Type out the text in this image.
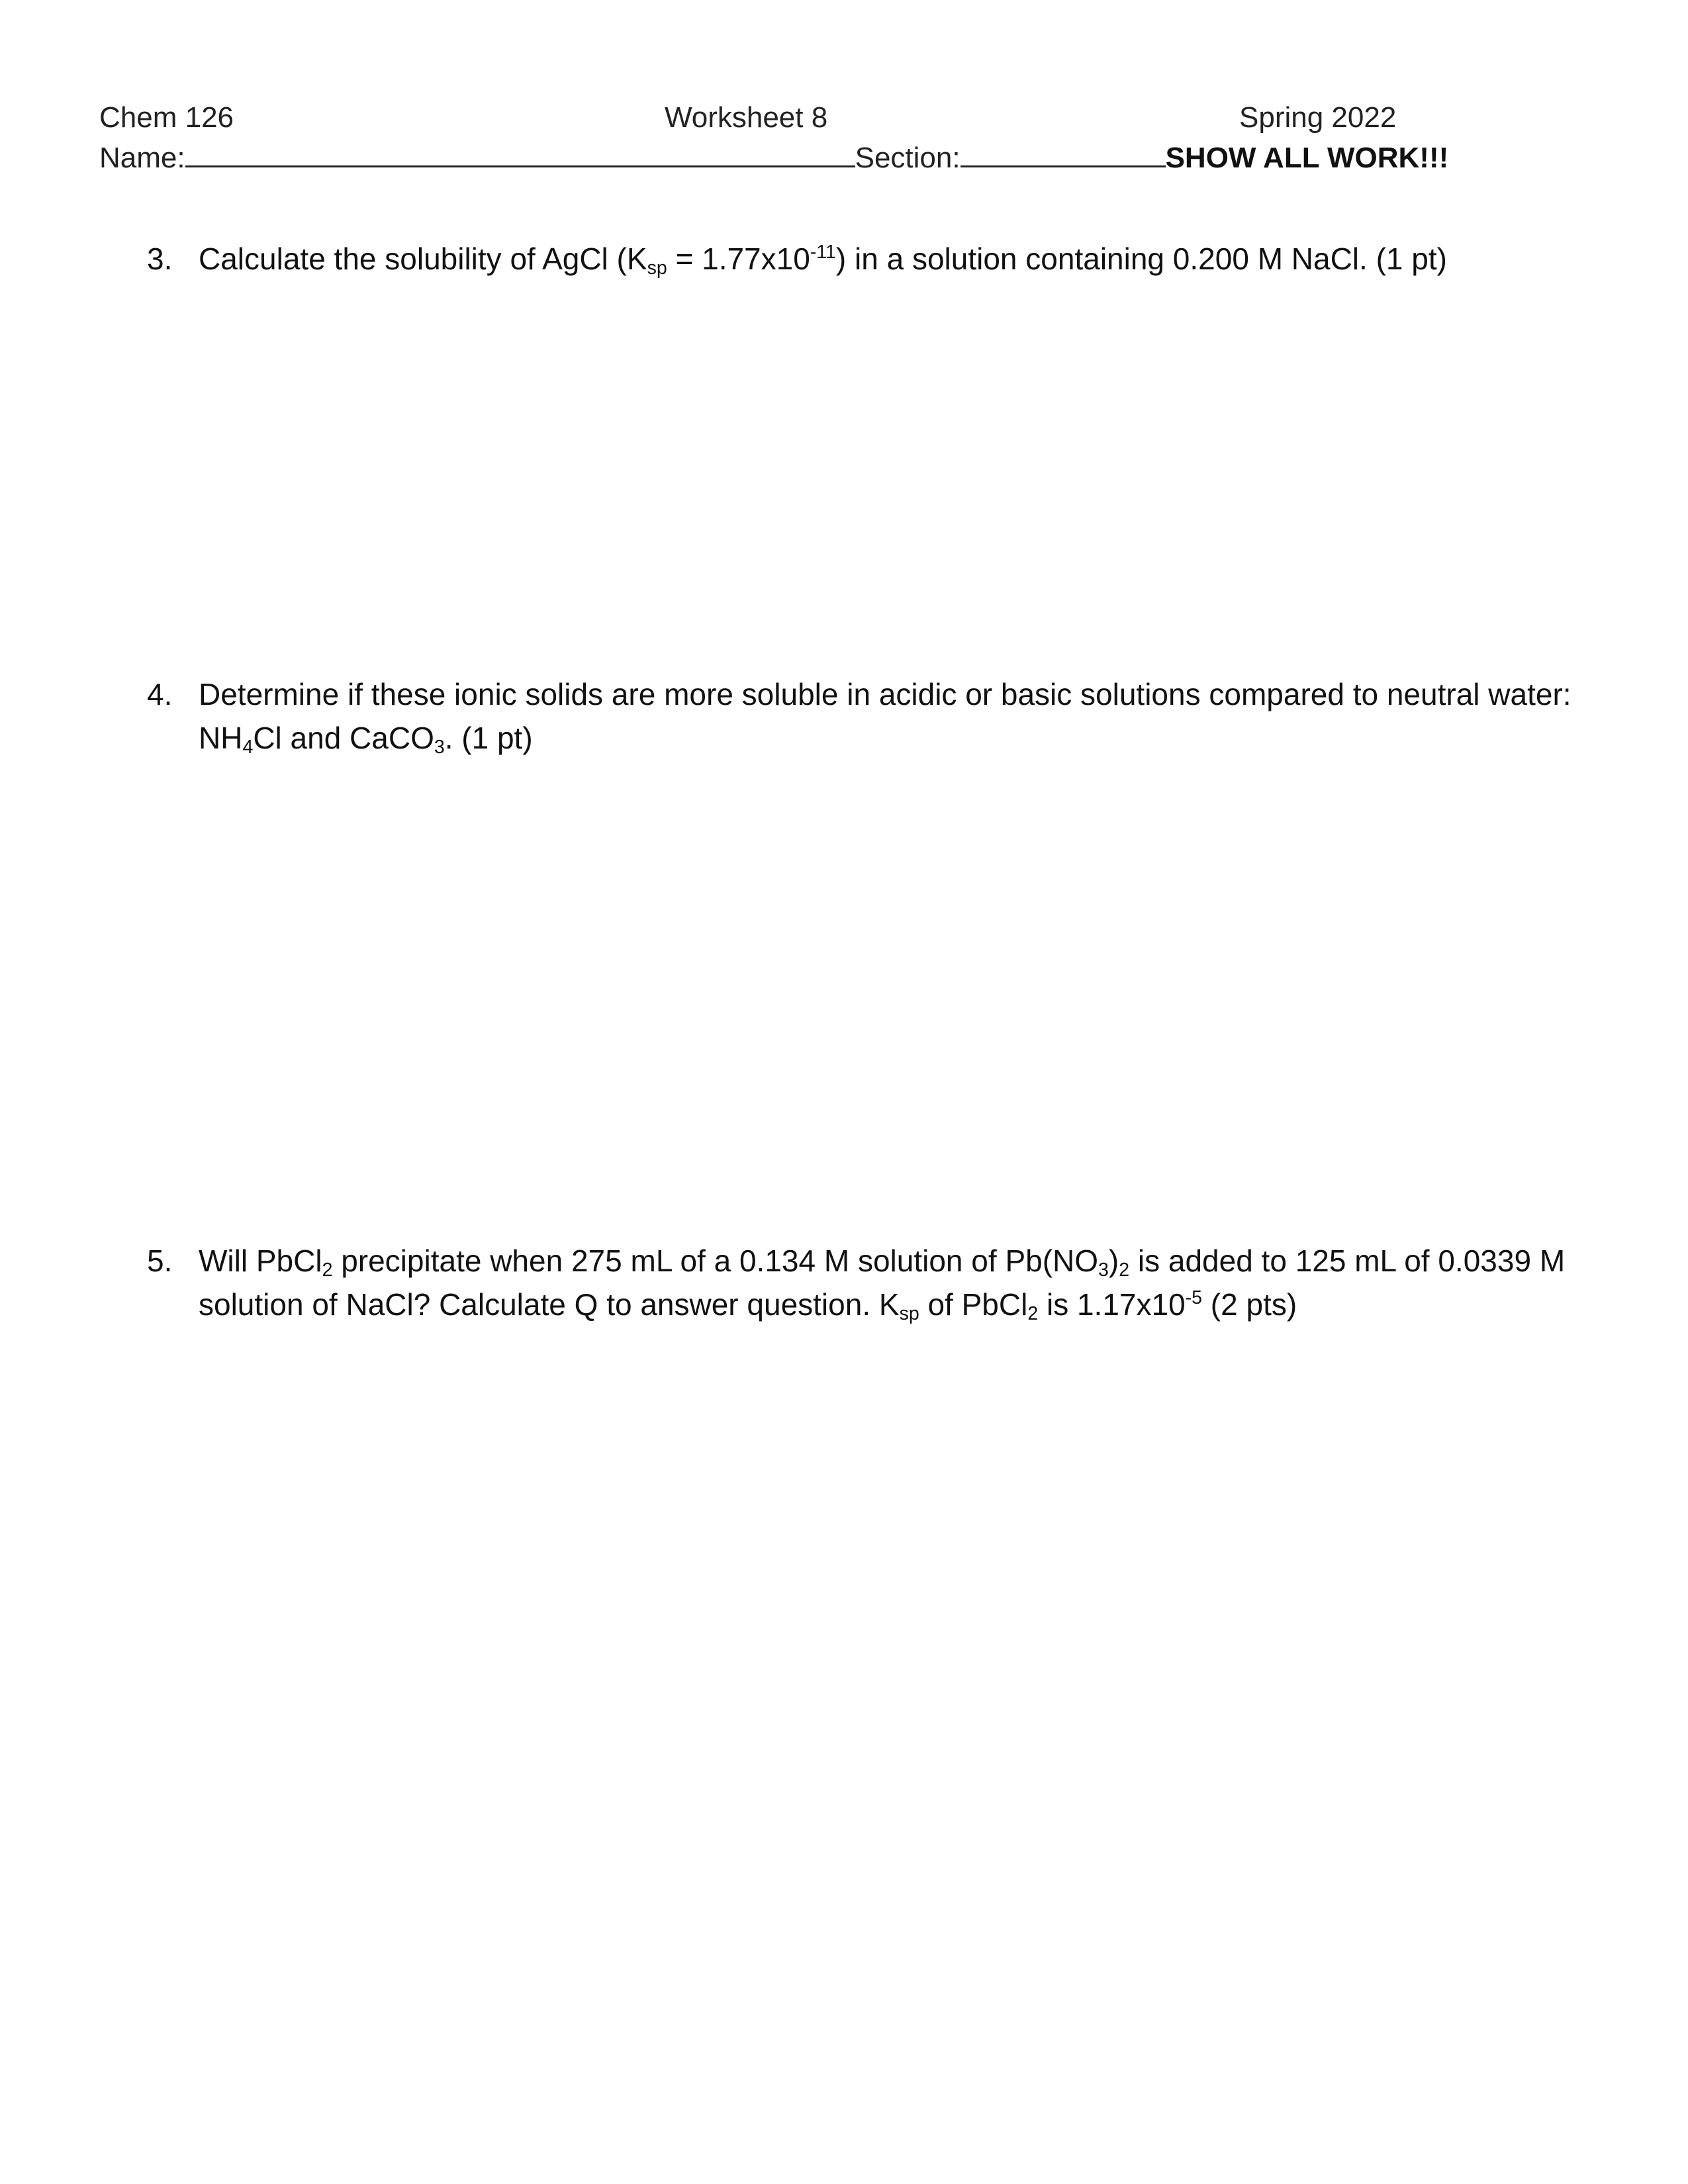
Chem 126	Worksheet 8	Spring 2022
Name:	Section:	SHOW ALL WORK!!!
3. Calculate the solubility of AgCl $(K_{sp} = 1.77x10^{-11})$ in a solution containing 0.200 M NaCl. (1 pt)
4. Determine if these ionic solids are more soluble in acidic or basic solutions compared to neutral water:
$NH_4Cl$ and CaCO$_3$. (1 pt)
5. Will PbCl$_2$ precipitate when 275 mL of a 0.134 M solution of $Pb(NO_3)_2$ is added to 125 mL of 0.0339 M
solution of NaCl? Calculate Q to answer question. $K_{sp}$ of PbCl$_2$ is $1.17x10^{-5}$ (2 pts)
